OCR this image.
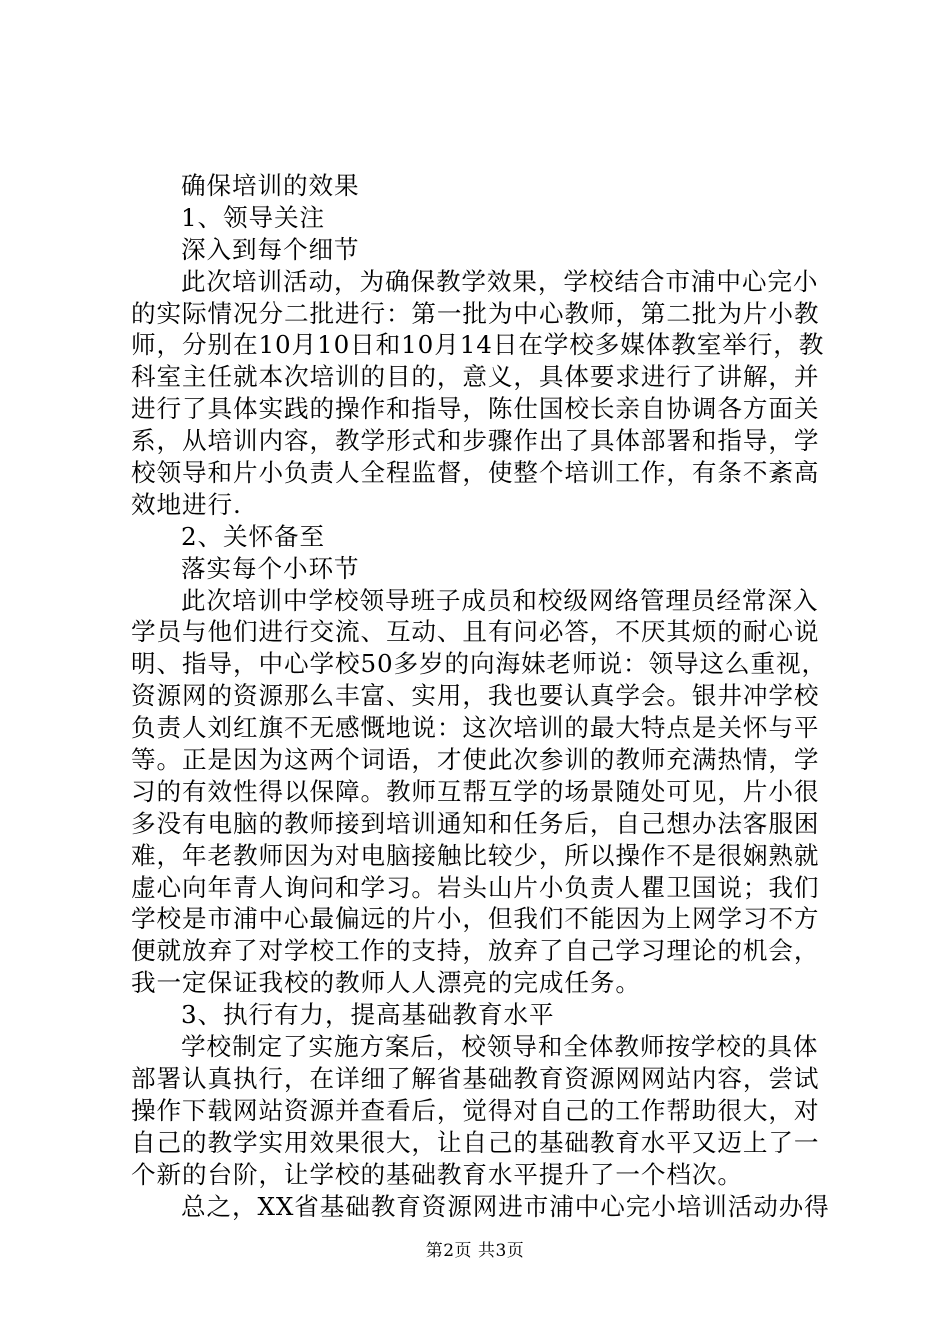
确保培训的效果
1、领导关注
深入到每个细节
此次培训活动，为确保教学效果，学校结合市浦中心完小
的实际情况分二批进行：第一批为中心教师，第二批为片小教
师，分别在10月10日和10月14日在学校多媒体教室举行，教
科室主任就本次培训的目的，意义，具体要求进行了讲解，并
进行了具体实践的操作和指导，陈仕国校长亲自协调各方面关
系，从培训内容，教学形式和步骤作出了具体部署和指导，学
校领导和片小负责人全程监督，使整个培训工作，有条不紊高
效地进行.
2、关怀备至
落实每个小环节
此次培训中学校领导班子成员和校级网络管理员经常深入
学员与他们进行交流、互动、且有问必答，不厌其烦的耐心说
明、指导，中心学校50多岁的向海妹老师说：领导这么重视，
资源网的资源那么丰富、实用，我也要认真学会。银井冲学校
负责人刘红旗不无感慨地说：这次培训的最大特点是关怀与平
等。正是因为这两个词语，才使此次参训的教师充满热情，学
习的有效性得以保障。教师互帮互学的场景随处可见，片小很
多没有电脑的教师接到培训通知和任务后，自己想办法客服困
难，年老教师因为对电脑接触比较少，所以操作不是很娴熟就
虚心向年青人询问和学习。岩头山片小负责人瞿卫国说；我们
学校是市浦中心最偏远的片小，但我们不能因为上网学习不方
便就放弃了对学校工作的支持，放弃了自己学习理论的机会，
我一定保证我校的教师人人漂亮的完成任务。
3、执行有力，提高基础教育水平
学校制定了实施方案后，校领导和全体教师按学校的具体
部署认真执行，在详细了解省基础教育资源网网站内容，尝试
操作下载网站资源并查看后，觉得对自己的工作帮助很大，对
自己的教学实用效果很大，让自己的基础教育水平又迈上了一
个新的台阶，让学校的基础教育水平提升了一个档次。
总之，XX省基础教育资源网进市浦中心完小培训活动办得
第2页 共3页
